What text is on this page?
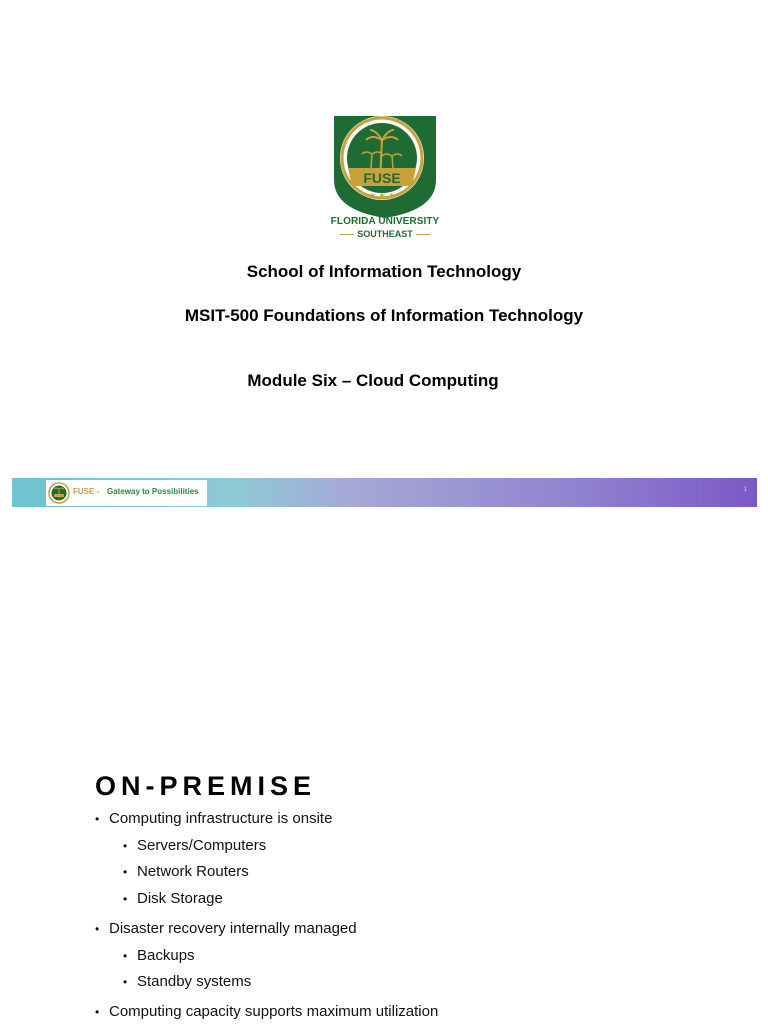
FUSE
★ ★ ★
FLORIDA UNIVERSITY
SOUTHEAST
School of Information Technology
MSIT-500 Foundations of Information Technology
Module Six – Cloud Computing
FUSE - Gateway to Possibilities	1
ON-PREMISE
• Computing infrastructure is onsite
• Servers/Computers
• Network Routers
• Disk Storage
• Disaster recovery internally managed
• Backups
• Standby systems
• Computing capacity supports maximum utilization
